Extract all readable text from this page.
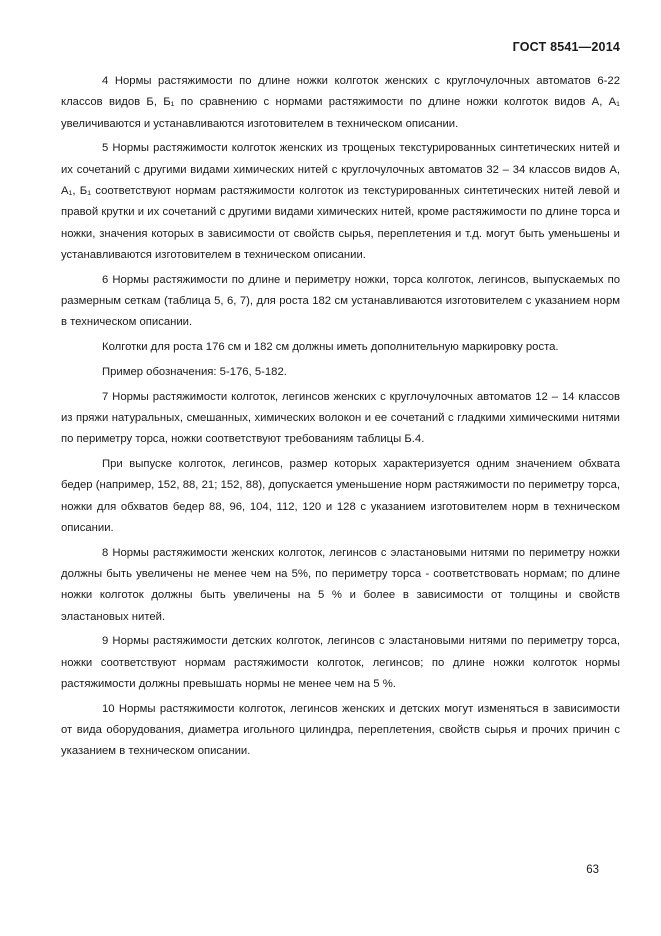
ГОСТ 8541—2014

4 Нормы растяжимости по длине ножки колготок женских с круглочулочных автоматов 6-22 классов видов Б, Б₁ по сравнению с нормами растяжимости по длине ножки колготок видов А, А₁ увеличиваются и устанавливаются изготовителем в техническом описании.

5 Нормы растяжимости колготок женских из трощеных текстурированных синтетических нитей и их сочетаний с другими видами химических нитей с круглочулочных автоматов 32 – 34 классов видов А, А₁, Б₁ соответствуют нормам растяжимости колготок из текстурированных синтетических нитей левой и правой крутки и их сочетаний с другими видами химических нитей, кроме растяжимости по длине торса и ножки, значения которых в зависимости от свойств сырья, переплетения и т.д. могут быть уменьшены и устанавливаются изготовителем в техническом описании.

6 Нормы растяжимости по длине и периметру ножки, торса колготок, легинсов, выпускаемых по размерным сеткам (таблица 5, 6, 7), для роста 182 см устанавливаются изготовителем с указанием норм в техническом описании.

Колготки для роста 176 см и 182 см должны иметь дополнительную маркировку роста.

Пример обозначения: 5-176, 5-182.

7 Нормы растяжимости колготок, легинсов женских с круглочулочных автоматов 12 – 14 классов из пряжи натуральных, смешанных, химических волокон и ее сочетаний с гладкими химическими нитями по периметру торса, ножки соответствуют требованиям таблицы Б.4.

При выпуске колготок, легинсов, размер которых характеризуется одним значением обхвата бедер (например, 152, 88, 21; 152, 88), допускается уменьшение норм растяжимости по периметру торса, ножки для обхватов бедер 88, 96, 104, 112, 120 и 128 с указанием изготовителем норм в техническом описании.

8 Нормы растяжимости женских колготок, легинсов с эластановыми нитями по периметру ножки должны быть увеличены не менее чем на 5%, по периметру торса - соответствовать нормам; по длине ножки колготок должны быть увеличены на 5 % и более в зависимости от толщины и свойств эластановых нитей.

9 Нормы растяжимости детских колготок, легинсов с эластановыми нитями по периметру торса, ножки соответствуют нормам растяжимости колготок, легинсов; по длине ножки колготок нормы растяжимости должны превышать нормы не менее чем на 5 %.

10 Нормы растяжимости колготок, легинсов женских и детских могут изменяться в зависимости от вида оборудования, диаметра игольного цилиндра, переплетения, свойств сырья и прочих причин с указанием в техническом описании.

63
